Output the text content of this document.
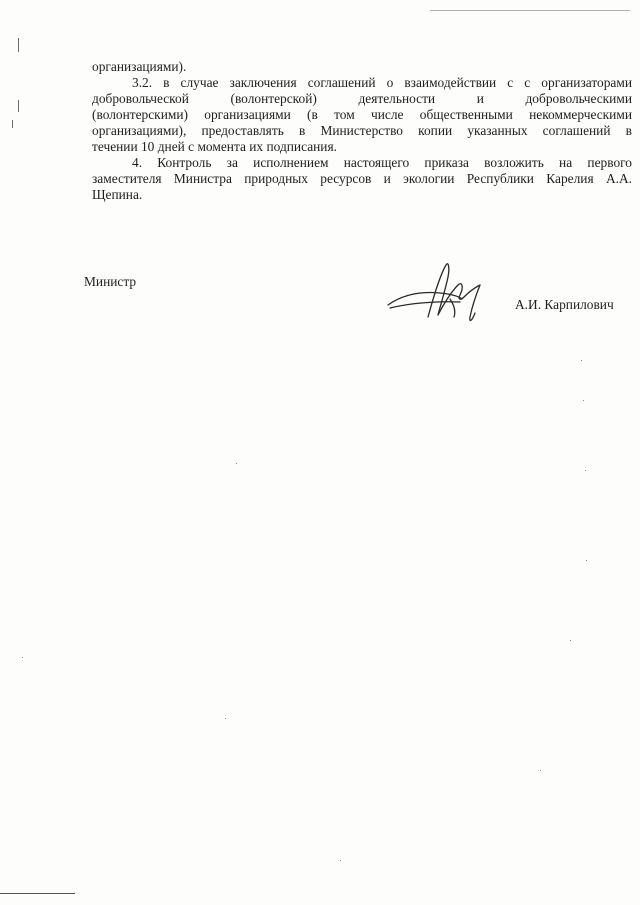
организациями).
3.2. в случае заключения соглашений о взаимодействии с с организаторами
добровольческой (волонтерской) деятельности и добровольческими
(волонтерскими) организациями (в том числе общественными некоммерческими
организациями), предоставлять в Министерство копии указанных соглашений в
течении 10 дней с момента их подписания.
4. Контроль за исполнением настоящего приказа возложить на первого
заместителя Министра природных ресурсов и экологии Республики Карелия А.А.
Щепина.
Министр
А.И. Карпилович
